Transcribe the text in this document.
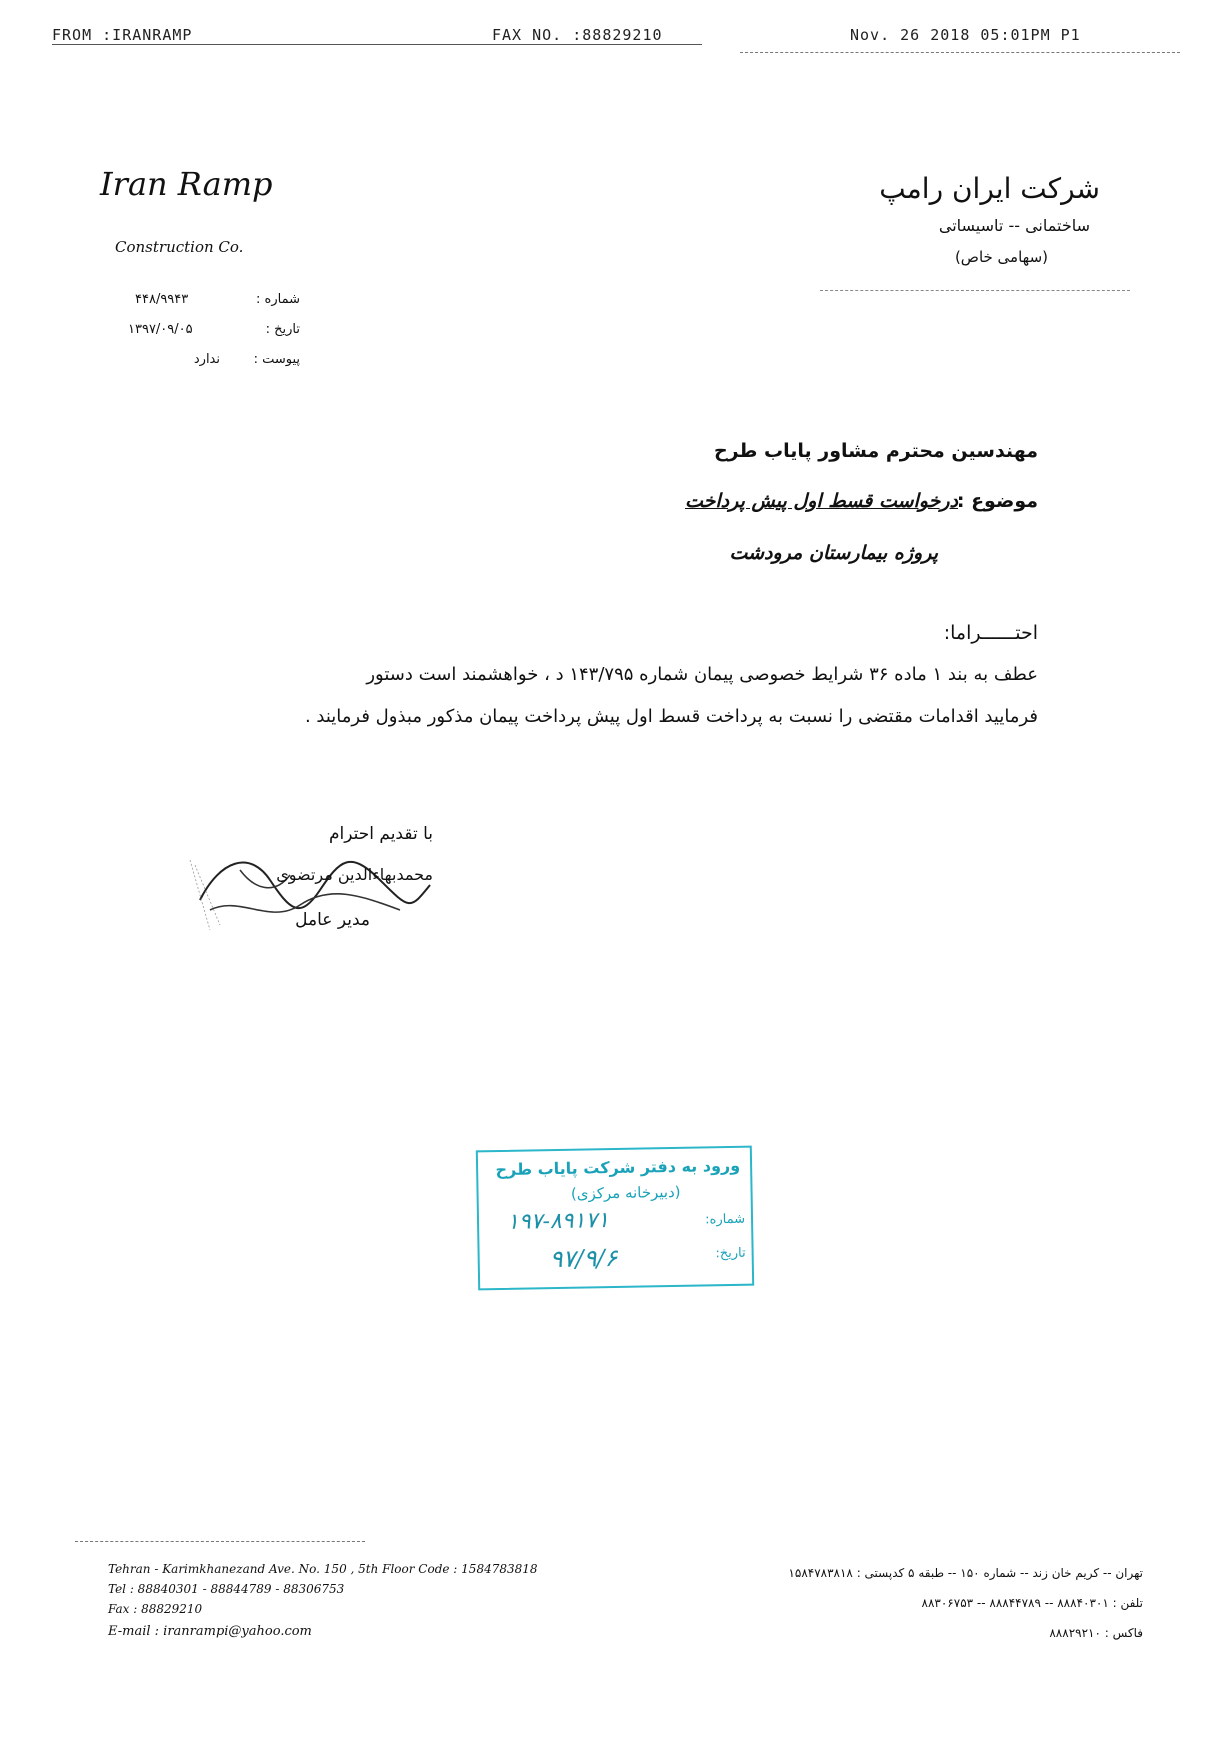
FROM :IRANRAMP	FAX NO. :88829210	Nov. 26 2018 05:01PM P1
Iran Ramp
Construction Co.
شرکت ایران رامپ
ساختمانی -- تاسیساتی
(سهامی خاص)
شماره :
۴۴۸/۹۹۴۳
تاریخ :
۱۳۹۷/۰۹/۰۵
پیوست :
ندارد
مهندسین محترم مشاور پایاب طرح
موضوع :
درخواست قسط اول پیش پرداخت
پروژه بیمارستان مرودشت
احتــــــراما:
عطف به بند ۱ ماده ۳۶ شرایط خصوصی پیمان شماره ۱۴۳/۷۹۵ د ، خواهشمند است دستور
فرمایید اقدامات مقتضی را نسبت به پرداخت قسط اول پیش پرداخت پیمان مذکور مبذول فرمایند .
با تقدیم احترام
محمدبهاءالدین مرتضوی
مدیر عامل
ورود به دفتر شرکت پایاب طرح
(دبیرخانه مرکزی)
شماره:
۱۹۷-۸۹۱۷۱
تاریخ:
۹۷/۹/۶
Tehran - Karimkhanezand Ave. No. 150 , 5th Floor Code : 1584783818
Tel : 88840301 - 88844789 - 88306753
Fax : 88829210
E-mail : iranrampi@yahoo.com
تهران -- کریم خان زند -- شماره ۱۵۰ -- طبقه ۵ کدپستی : ۱۵۸۴۷۸۳۸۱۸
تلفن : ۸۸۸۴۰۳۰۱ -- ۸۸۸۴۴۷۸۹ -- ۸۸۳۰۶۷۵۳
فاکس : ۸۸۸۲۹۲۱۰
